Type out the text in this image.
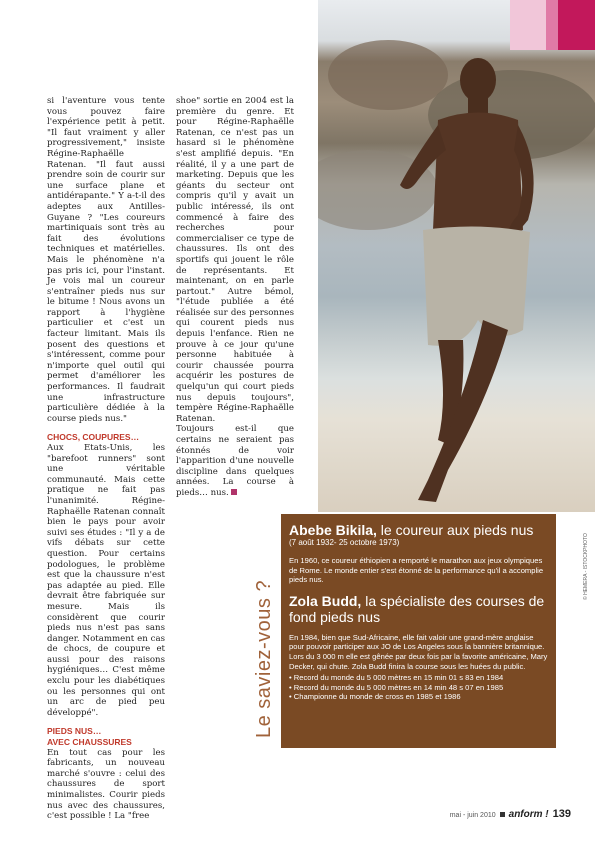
si l'aventure vous tente vous pouvez faire l'expérience petit à petit. "Il faut vraiment y aller progressivement," insiste Régine-Raphaëlle Ratenan. "Il faut aussi prendre soin de courir sur une surface plane et antidérapante." Y a-t-il des adeptes aux Antilles-Guyane ? "Les coureurs martiniquais sont très au fait des évolutions techniques et matérielles. Mais le phénomène n'a pas pris ici, pour l'instant. Je vois mal un coureur s'entraîner pieds nus sur le bitume ! Nous avons un rapport à l'hygiène particulier et c'est un facteur limitant. Mais ils posent des questions et s'intéressent, comme pour n'importe quel outil qui permet d'améliorer les performances. Il faudrait une infrastructure particulière dédiée à la course pieds nus."

CHOCS, COUPURES…

Aux Etats-Unis, les "barefoot runners" sont une véritable communauté. Mais cette pratique ne fait pas l'unanimité. Régine-Raphaëlle Ratenan connaît bien le pays pour avoir suivi ses études : "Il y a de vifs débats sur cette question. Pour certains podologues, le problème est que la chaussure n'est pas adaptée au pied. Elle devrait être fabriquée sur mesure. Mais ils considèrent que courir pieds nus n'est pas sans danger. Notamment en cas de chocs, de coupure et aussi pour des raisons hygiéniques… C'est même exclu pour les diabétiques ou les personnes qui ont un arc de pied peu développé".

PIEDS NUS…
AVEC CHAUSSURES

En tout cas pour les fabricants, un nouveau marché s'ouvre : celui des chaussures de sport minimalistes. Courir pieds nus avec des chaussures, c'est possible ! La "free

shoe" sortie en 2004 est la première du genre. Et pour Régine-Raphaëlle Ratenan, ce n'est pas un hasard si le phénomène s'est amplifié depuis. "En réalité, il y a une part de marketing. Depuis que les géants du secteur ont compris qu'il y avait un public intéressé, ils ont commencé à faire des recherches pour commercialiser ce type de chaussures. Ils ont des sportifs qui jouent le rôle de représentants. Et maintenant, on en parle partout." Autre bémol, "l'étude publiée a été réalisée sur des personnes qui courent pieds nus depuis l'enfance. Rien ne prouve à ce jour qu'une personne habituée à courir chaussée pourra acquérir les postures de quelqu'un qui court pieds nus depuis toujours", tempère Régine-Raphaëlle Ratenan.

Toujours est-il que certains ne seraient pas étonnés de voir l'apparition d'une nouvelle discipline dans quelques années. La course à pieds… nus.

© HEMERA - ISTOCKPHOTO
Le saviez-vous ?
Abebe Bikila, le coureur aux pieds nus
(7 août 1932- 25 octobre 1973)
En 1960, ce coureur éthiopien a remporté le marathon aux jeux olympiques de Rome. Le monde entier s'est étonné de la performance qu'il a accomplie pieds nus.
Zola Budd, la spécialiste des courses de fond pieds nus
En 1984, bien que Sud-Africaine, elle fait valoir une grand-mère anglaise pour pouvoir participer aux JO de Los Angeles sous la bannière britannique. Lors du 3 000 m elle est gênée par deux fois par la favorite américaine, Mary Decker, qui chute. Zola Budd finira la course sous les huées du public.
• Record du monde du 5 000 mètres en 15 min 01 s 83 en 1984
• Record du monde du 5 000 mètres en 14 min 48 s 07 en 1985
• Championne du monde de cross en 1985 et 1986
mai - juin 2010 anform ! 139
